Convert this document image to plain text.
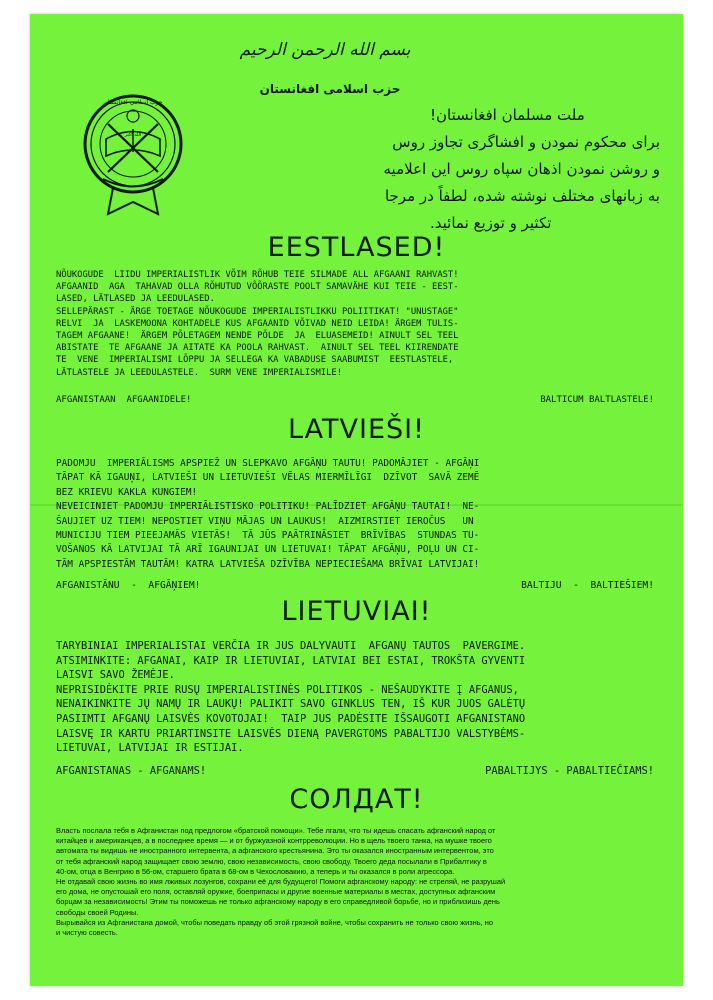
بسم الله الرحمن الرحیم
حزب اسلامی افغانستان
حزب اسلامی افغانستان
الله اکبر
ملت مسلمان افغانستان!
برای محکوم نمودن و افشاگری تجاوز روس
و روشن نمودن اذهان سپاه روس این اعلامیه
به زبانهای مختلف نوشته شده، لطفاً در مرجا
تکثیر و توزیع نمائید.
EESTLASED!
NÕUKOGUDE  LIIDU IMPERIALISTLIK VÕIM RÕHUB TEIE SILMADE ALL AFGAANI RAHVAST!
AFGAANID  AGA  TAHAVAD OLLA RÕHUTUD VÕÕRASTE POOLT SAMAVÄHE KUI TEIE - EEST-
LASED, LÄTLASED JA LEEDULASED.
SELLEPÄRAST - ÄRGE TOETAGE NÕUKOGUDE IMPERIALISTLIKKU POLIITIKAT! "UNUSTAGE"
RELVI  JA  LASKEMOONA KOHTADELE KUS AFGAANID VÕIVAD NEID LEIDA! ÄRGEM TULIS-
TAGEM AFGAANE!  ÄRGEM PÕLETAGEM NENDE PÕLDE  JA  ELUASEMEID! AINULT SEL TEEL
ABISTATE  TE AFGAANE JA AITATE KA POOLA RAHVAST.  AINULT SEL TEEL KIIRENDATE
TE  VENE  IMPERIALISMI LÕPPU JA SELLEGA KA VABADUSE SAABUMIST  EESTLASTELE,
LÄTLASTELE JA LEEDULASTELE.  SURM VENE IMPERIALISMILE!
AFGANISTAAN  AFGAANIDELE!	BALTICUM BALTLASTELE!
LATVIEŠI!
PADOMJU  IMPERIĀLISMS APSPIEŽ UN SLEPKAVO AFGĀŅU TAUTU! PADOMĀJIET - AFGĀŅI
TĀPAT KĀ IGAUŅI, LATVIEŠI UN LIETUVIEŠI VĒLAS MIERMĪLĪGI  DZĪVOT  SAVĀ ZEMĒ
BEZ KRIEVU KAKLA KUNGIEM!
NEVEICINIET PADOMJU IMPERIĀLISTISKO POLITIKU! PALĪDZIET AFGĀŅU TAUTAI!  NE-
ŠAUJIET UZ TIEM! NEPOSTIET VIŅU MĀJAS UN LAUKUS!  AIZMIRSTIET IEROČUS   UN
MUNICIJU TIEM PIEEJAMĀS VIETĀS!  TĀ JŪS PAĀTRINĀSIET  BRĪVĪBAS  STUNDAS TU-
VOŠANOS KĀ LATVIJAI TĀ ARĪ IGAUNIJAI UN LIETUVAI! TĀPAT AFGĀŅU, POĻU UN CI-
TĀM APSPIESTĀM TAUTĀM! KATRA LATVIEŠA DZĪVĪBA NEPIECIEŠAMA BRĪVAI LATVIJAI!
AFGANISTĀNU  -  AFGĀŅIEM!	BALTIJU  -  BALTIEŠIEM!
LIETUVIAI!
TARYBINIAI IMPERIALISTAI VERČIA IR JUS DALYVAUTI  AFGANŲ TAUTOS  PAVERGIME.
ATSIMINKITE: AFGANAI, KAIP IR LIETUVIAI, LATVIAI BEI ESTAI, TROKŠTA GYVENTI
LAISVI SAVO ŽEMĖJE.
NEPRISIDĖKITE PRIE RUSŲ IMPERIALISTINĖS POLITIKOS - NEŠAUDYKITE Į AFGANUS,
NENAIKINKITE JŲ NAMŲ IR LAUKŲ! PALIKIT SAVO GINKLUS TEN, IŠ KUR JUOS GALĖTŲ
PASIIMTI AFGANŲ LAISVĖS KOVOTOJAI!  TAIP JUS PADĖSITE IŠSAUGOTI AFGANISTANO
LAISVĘ IR KARTU PRIARTINSITE LAISVĖS DIENĄ PAVERGTOMS PABALTIJO VALSTYBĖMS-
LIETUVAI, LATVIJAI IR ESTIJAI.
AFGANISTANAS - AFGANAMS!	PABALTIJYS - PABALTIEČIAMS!
СОЛДАТ!
Власть послала тебя в Афганистан под предлогом «братской помощи». Тебе лгали, что ты идешь спасать афганский народ от
китайцев и американцев, а в последнее время — и от буржуазной контрреволюции. Но в щель твоего танка, на мушке твоего
автомата ты видишь не иностранного интервента, а афганского крестьянина. Это ты оказался иностранным интервентом, это
от тебя афганский народ защищает свою землю, свою независимость, свою свободу. Твоего деда посылали в Прибалтику в
40-ом, отца в Венгрию в 56-ом, старшего брата в 68-ом в Чехословакию, а теперь и ты оказался в роли агрессора.
Не отдавай свою жизнь во имя лживых лозунгов, сохрани её для будущего! Помоги афганскому народу: не стреляй, не разрушай
его дома, не опустошай его поля, оставляй оружие, боеприпасы и другие военные материалы в местах, доступных афганским
борцам за независимость! Этим ты поможешь не только афганскому народу в его справедливой борьбе, но и приблизишь день
свободы своей Родины.
Вырывайся из Афганистана домой, чтобы поведать правду об этой грязной войне, чтобы сохранить не только свою жизнь, но
и чистую совесть.
